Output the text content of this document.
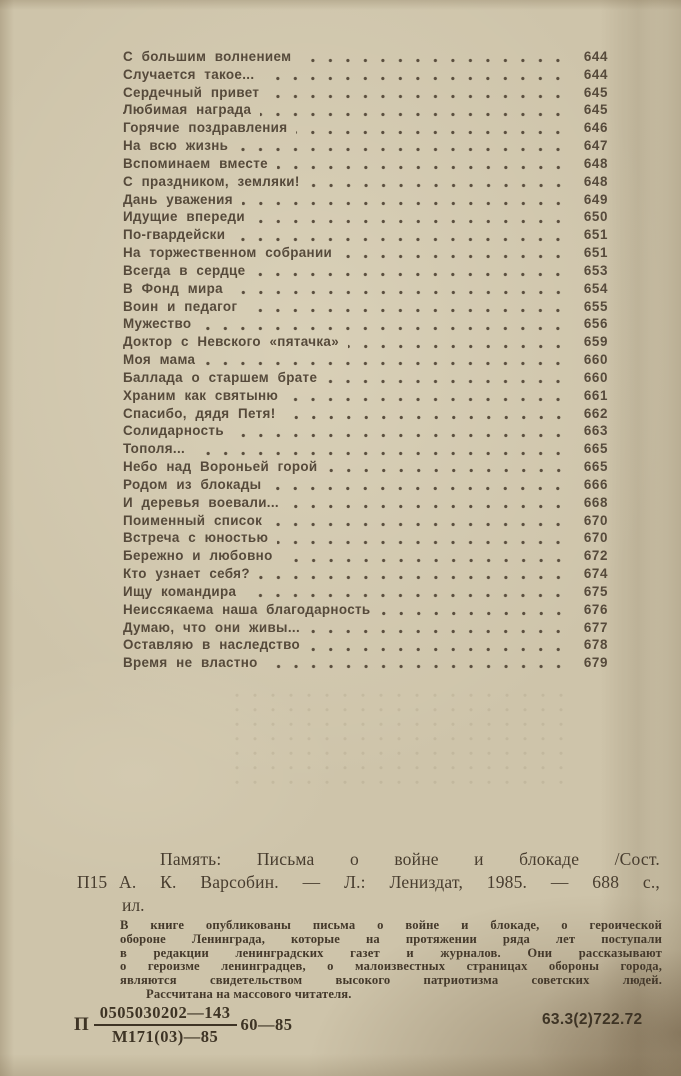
С большим волнением	644
Случается такое...	644
Сердечный привет	645
Любимая награда	645
Горячие поздравления	646
На всю жизнь	647
Вспоминаем вместе	648
С праздником, земляки!	648
Дань уважения	649
Идущие впереди	650
По-гвардейски	651
На торжественном собрании	651
Всегда в сердце	653
В Фонд мира	654
Воин и педагог	655
Мужество	656
Доктор с Невского «пятачка»	659
Моя мама	660
Баллада о старшем брате	660
Храним как святыню	661
Спасибо, дядя Петя!	662
Солидарность	663
Тополя...	665
Небо над Вороньей горой	665
Родом из блокады	666
И деревья воевали...	668
Поименный список	670
Встреча с юностью	670
Бережно и любовно	672
Кто узнает себя?	674
Ищу командира	675
Неиссякаема наша благодарность	676
Думаю, что они живы...	677
Оставляю в наследство	678
Время не властно	679
Память: Письма о войне и блокаде /Сост.
П15 А. К. Варсобин. — Л.: Лениздат, 1985. — 688 с.,
ил.
В книге опубликованы письма о войне и блокаде, о героической
обороне Ленинграда, которые на протяжении ряда лет поступали
в редакции ленинградских газет и журналов. Они рассказывают
о героизме ленинградцев, о малоизвестных страницах обороны города,
являются свидетельством высокого патриотизма советских людей.
Рассчитана на массового читателя.
П $\frac{0505030202—143}{М171(03)—85}$ 60—85	63.3(2)722.72
